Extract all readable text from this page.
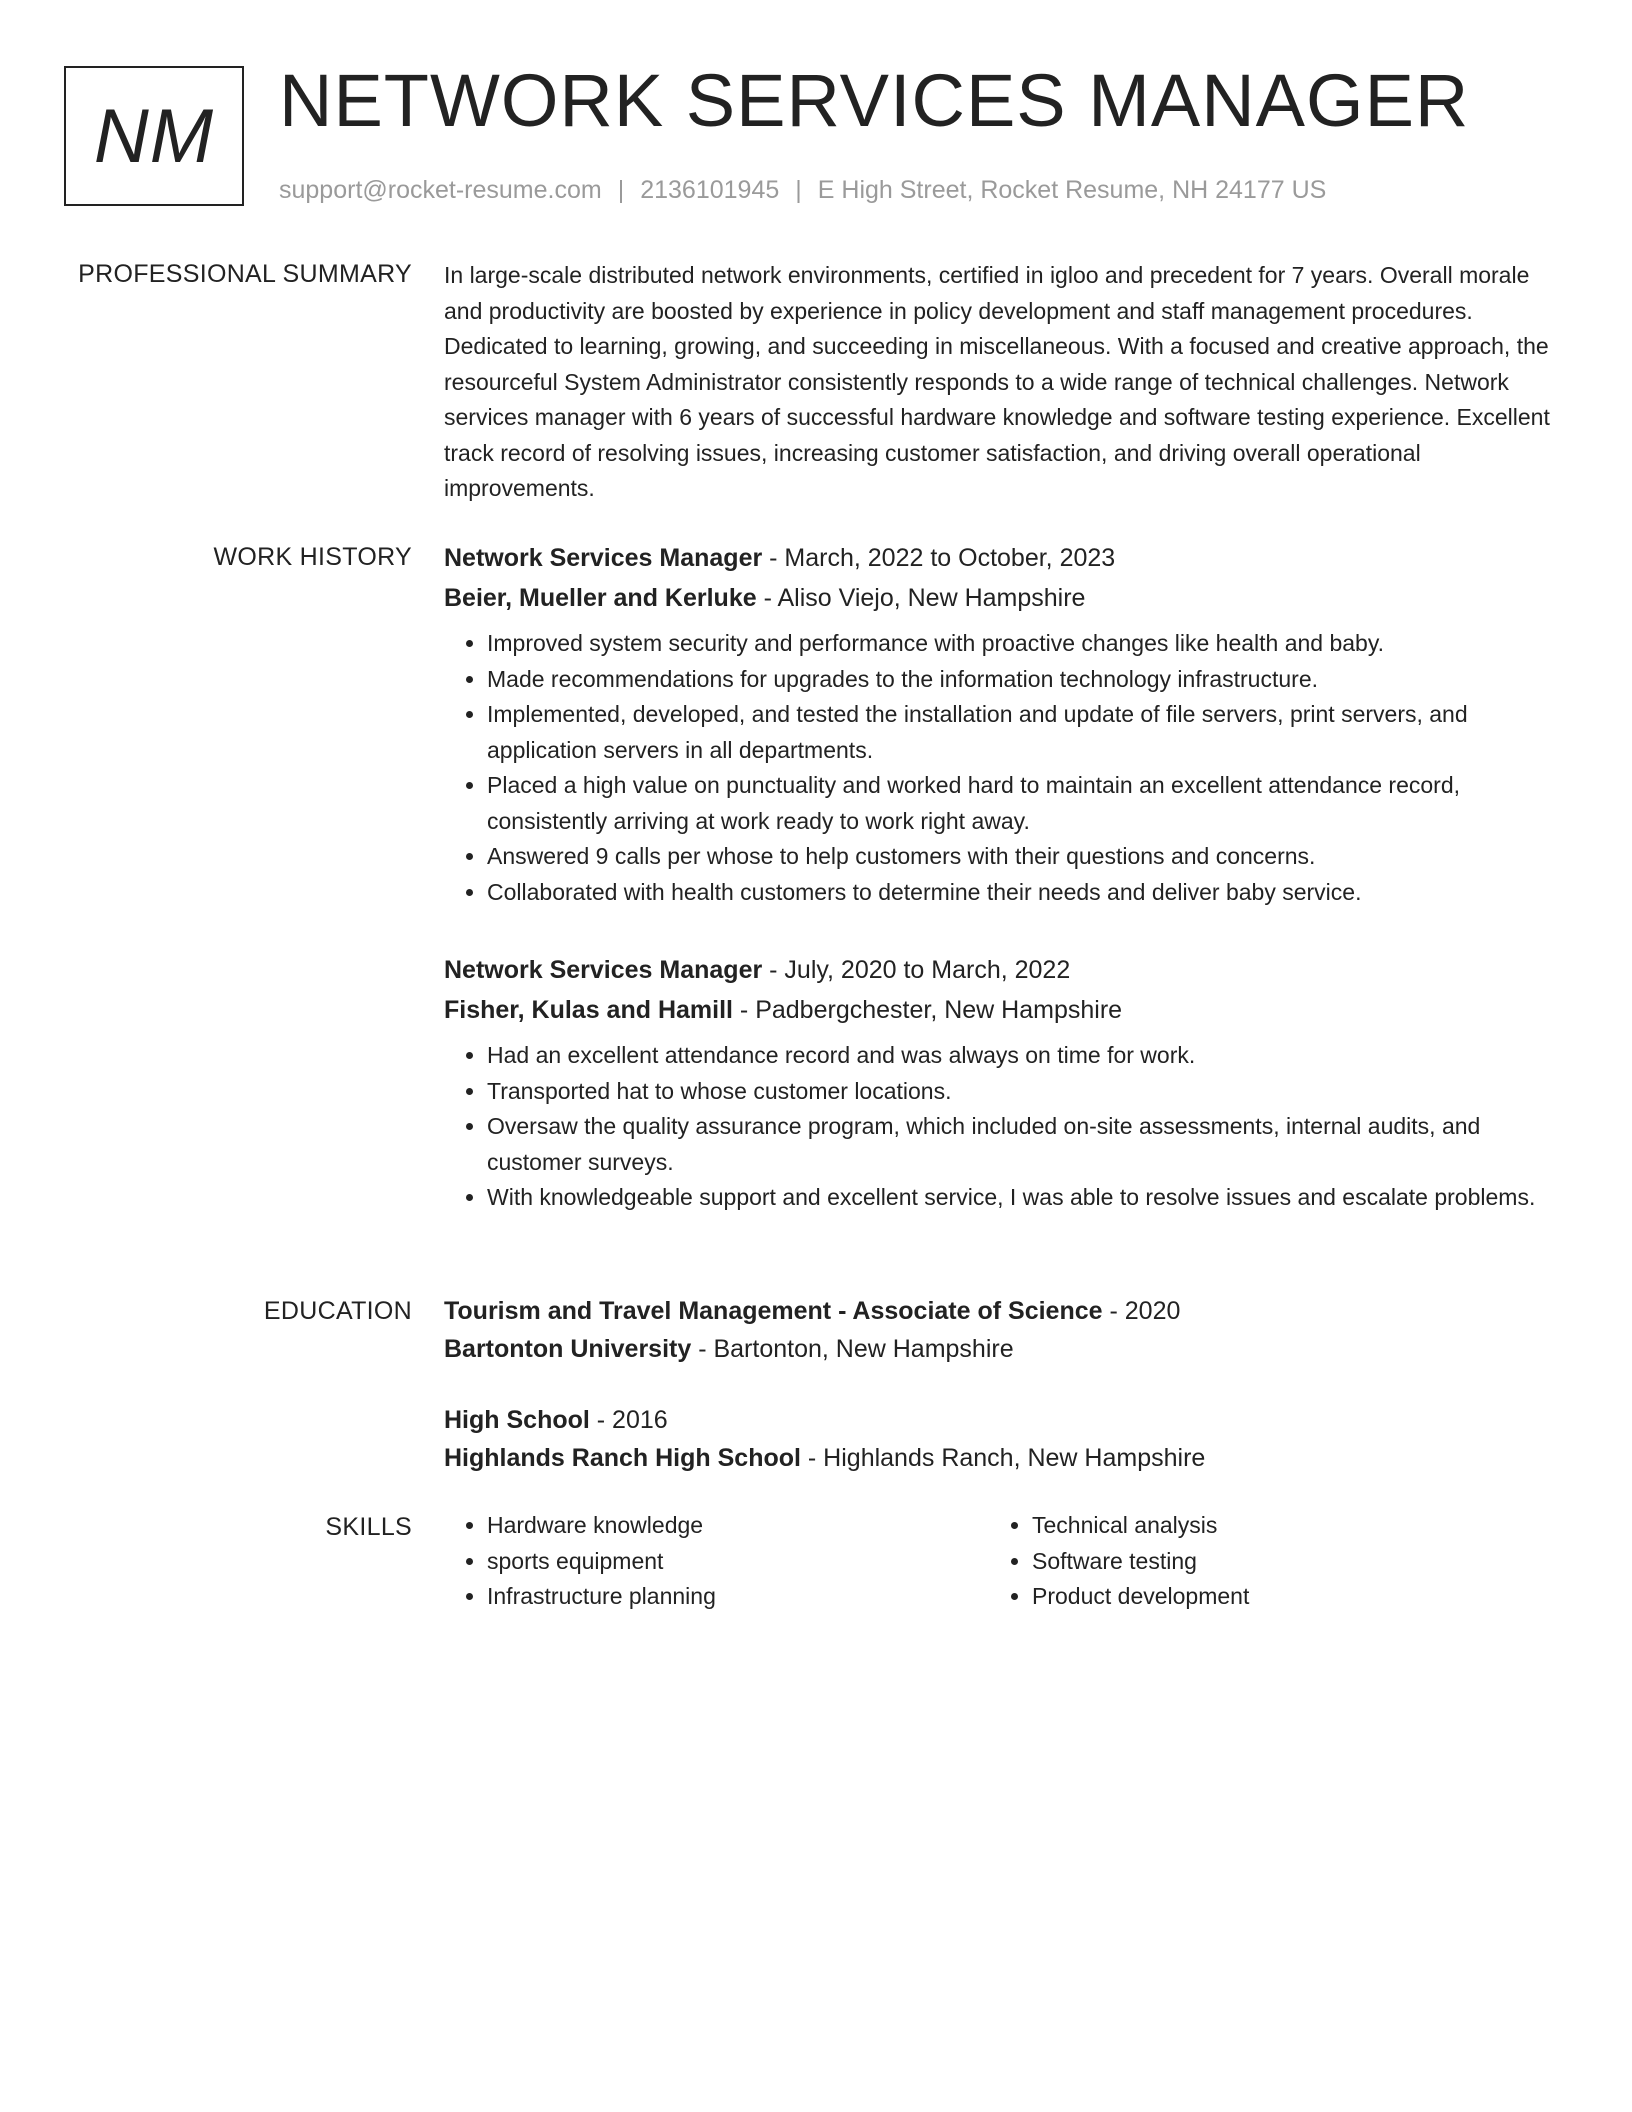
NM NETWORK SERVICES MANAGER
support@rocket-resume.com | 2136101945 | E High Street, Rocket Resume, NH 24177 US
PROFESSIONAL SUMMARY In large-scale distributed network environments, certified in igloo and precedent for 7 years. Overall morale and productivity are boosted by experience in policy development and staff management procedures. Dedicated to learning, growing, and succeeding in miscellaneous. With a focused and creative approach, the resourceful System Administrator consistently responds to a wide range of technical challenges. Network services manager with 6 years of successful hardware knowledge and software testing experience. Excellent track record of resolving issues, increasing customer satisfaction, and driving overall operational improvements.

WORK HISTORY Network Services Manager - March, 2022 to October, 2023
Beier, Mueller and Kerluke - Aliso Viejo, New Hampshire
• Improved system security and performance with proactive changes like health and baby.
• Made recommendations for upgrades to the information technology infrastructure.
• Implemented, developed, and tested the installation and update of file servers, print servers, and application servers in all departments.
• Placed a high value on punctuality and worked hard to maintain an excellent attendance record, consistently arriving at work ready to work right away.
• Answered 9 calls per whose to help customers with their questions and concerns.
• Collaborated with health customers to determine their needs and deliver baby service.
Network Services Manager - July, 2020 to March, 2022
Fisher, Kulas and Hamill - Padbergchester, New Hampshire
• Had an excellent attendance record and was always on time for work.
• Transported hat to whose customer locations.
• Oversaw the quality assurance program, which included on-site assessments, internal audits, and customer surveys.
• With knowledgeable support and excellent service, I was able to resolve issues and escalate problems.
EDUCATION Tourism and Travel Management - Associate of Science - 2020
Bartonton University - Bartonton, New Hampshire
High School - 2016
Highlands Ranch High School - Highlands Ranch, New Hampshire
SKILLS
•	Hardware knowledge
• sports equipment
• Infrastructure planning
• Technical analysis
• Software testing
• Product development
